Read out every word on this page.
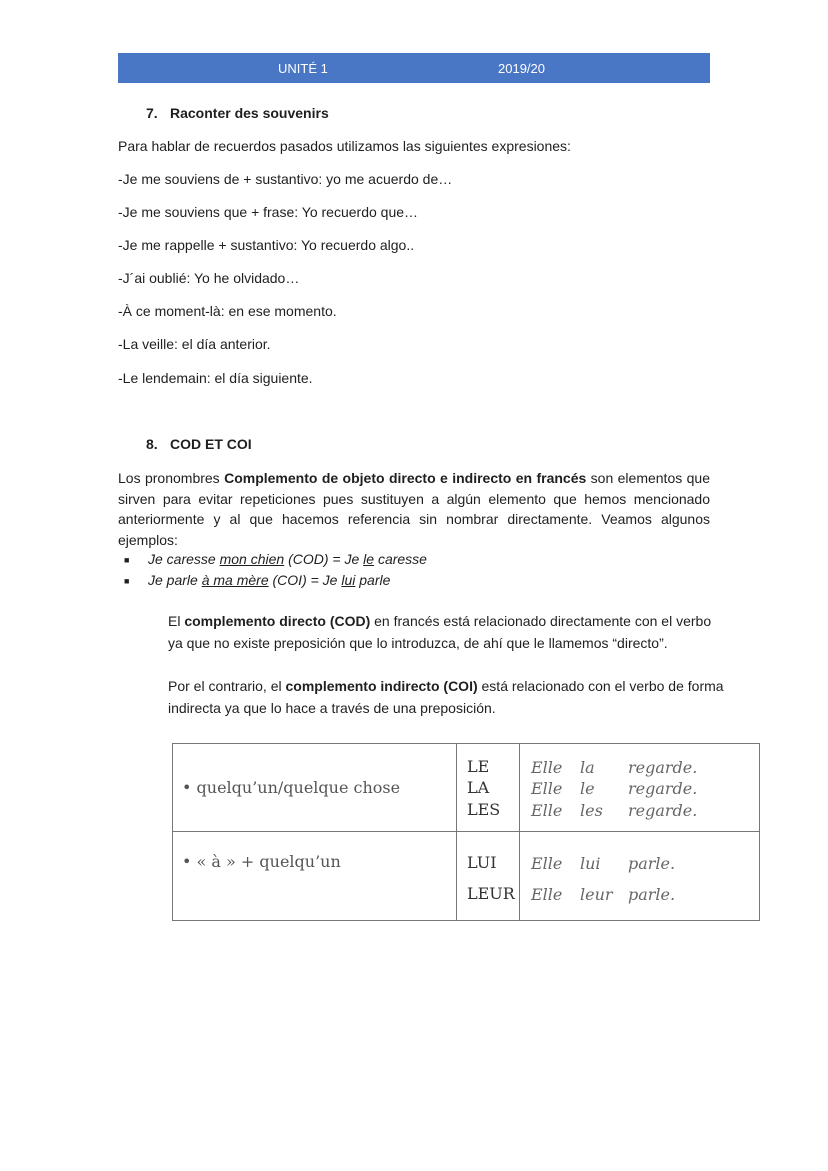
UNITÉ 1	2019/20
7. Raconter des souvenirs
Para hablar de recuerdos pasados utilizamos las siguientes expresiones:
-Je me souviens de + sustantivo: yo me acuerdo de…
-Je me souviens que + frase: Yo recuerdo que…
-Je me rappelle + sustantivo: Yo recuerdo algo..
-J´ai oublié: Yo he olvidado…
-À ce moment-là: en ese momento.
-La veille: el día anterior.
-Le lendemain: el día siguiente.
8. COD ET COI
Los pronombres Complemento de objeto directo e indirecto en francés son elementos que sirven para evitar repeticiones pues sustituyen a algún elemento que hemos mencionado anteriormente y al que hacemos referencia sin nombrar directamente. Veamos algunos ejemplos:
■ Je caresse mon chien (COD) = Je le caresse
■ Je parle à ma mère (COI) = Je lui parle
El complemento directo (COD) en francés está relacionado directamente con el verbo ya que no existe preposición que lo introduzca, de ahí que le llamemos “directo”.
Por el contrario, el complemento indirecto (COI) está relacionado con el verbo de forma indirecta ya que lo hace a través de una preposición.
• quelqu’un/quelque chose
LE
LA
LES
Elle la regarde.
Elle le regarde.
Elle les regarde.
• « à » + quelqu’un	LUI
LEUR
Elle lui parle.
Elle leur parle.
